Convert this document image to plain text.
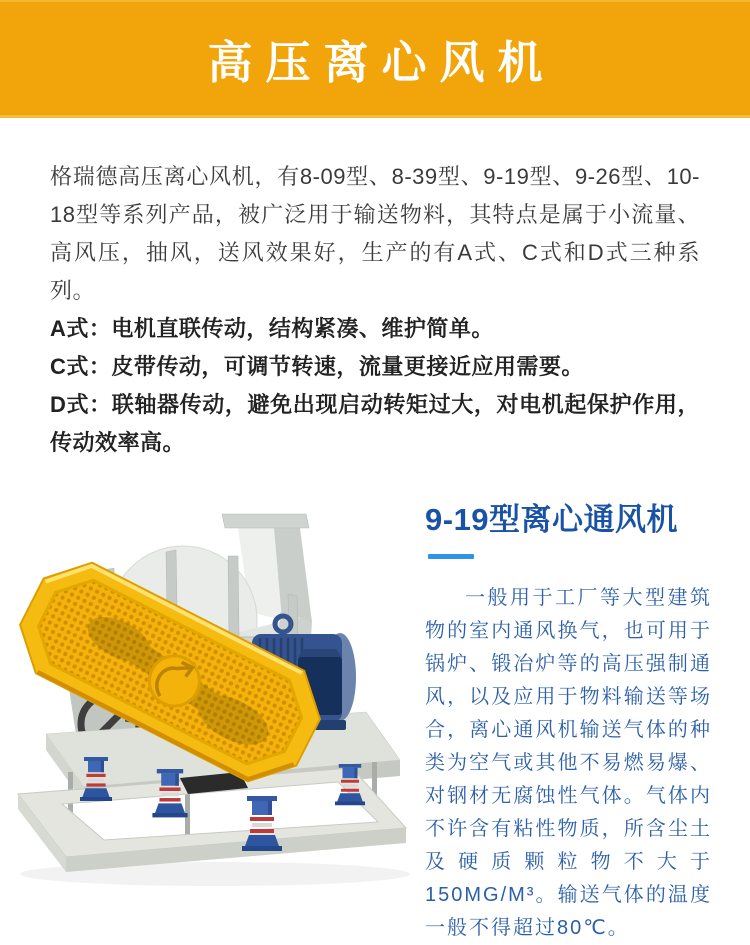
高压离心风机

格瑞德高压离心风机，有8-09型、8-39型、9-19型、9-26型、10-18型等系列产品，被广泛用于输送物料，其特点是属于小流量、高风压，抽风，送风效果好，生产的有A式、C式和D式三种系列。

A式：电机直联传动，结构紧凑、维护简单。

C式：皮带传动，可调节转速，流量更接近应用需要。

D式：联轴器传动，避免出现启动转矩过大，对电机起保护作用，传动效率高。

9-19型离心通风机

一般用于工厂等大型建筑物的室内通风换气，也可用于锅炉、锻冶炉等的高压强制通风，以及应用于物料输送等场合，离心通风机输送气体的种类为空气或其他不易燃易爆、对钢材无腐蚀性气体。气体内不许含有粘性物质，所含尘土及硬质颗粒物不大于150MG/M³。输送气体的温度一般不得超过80℃。
